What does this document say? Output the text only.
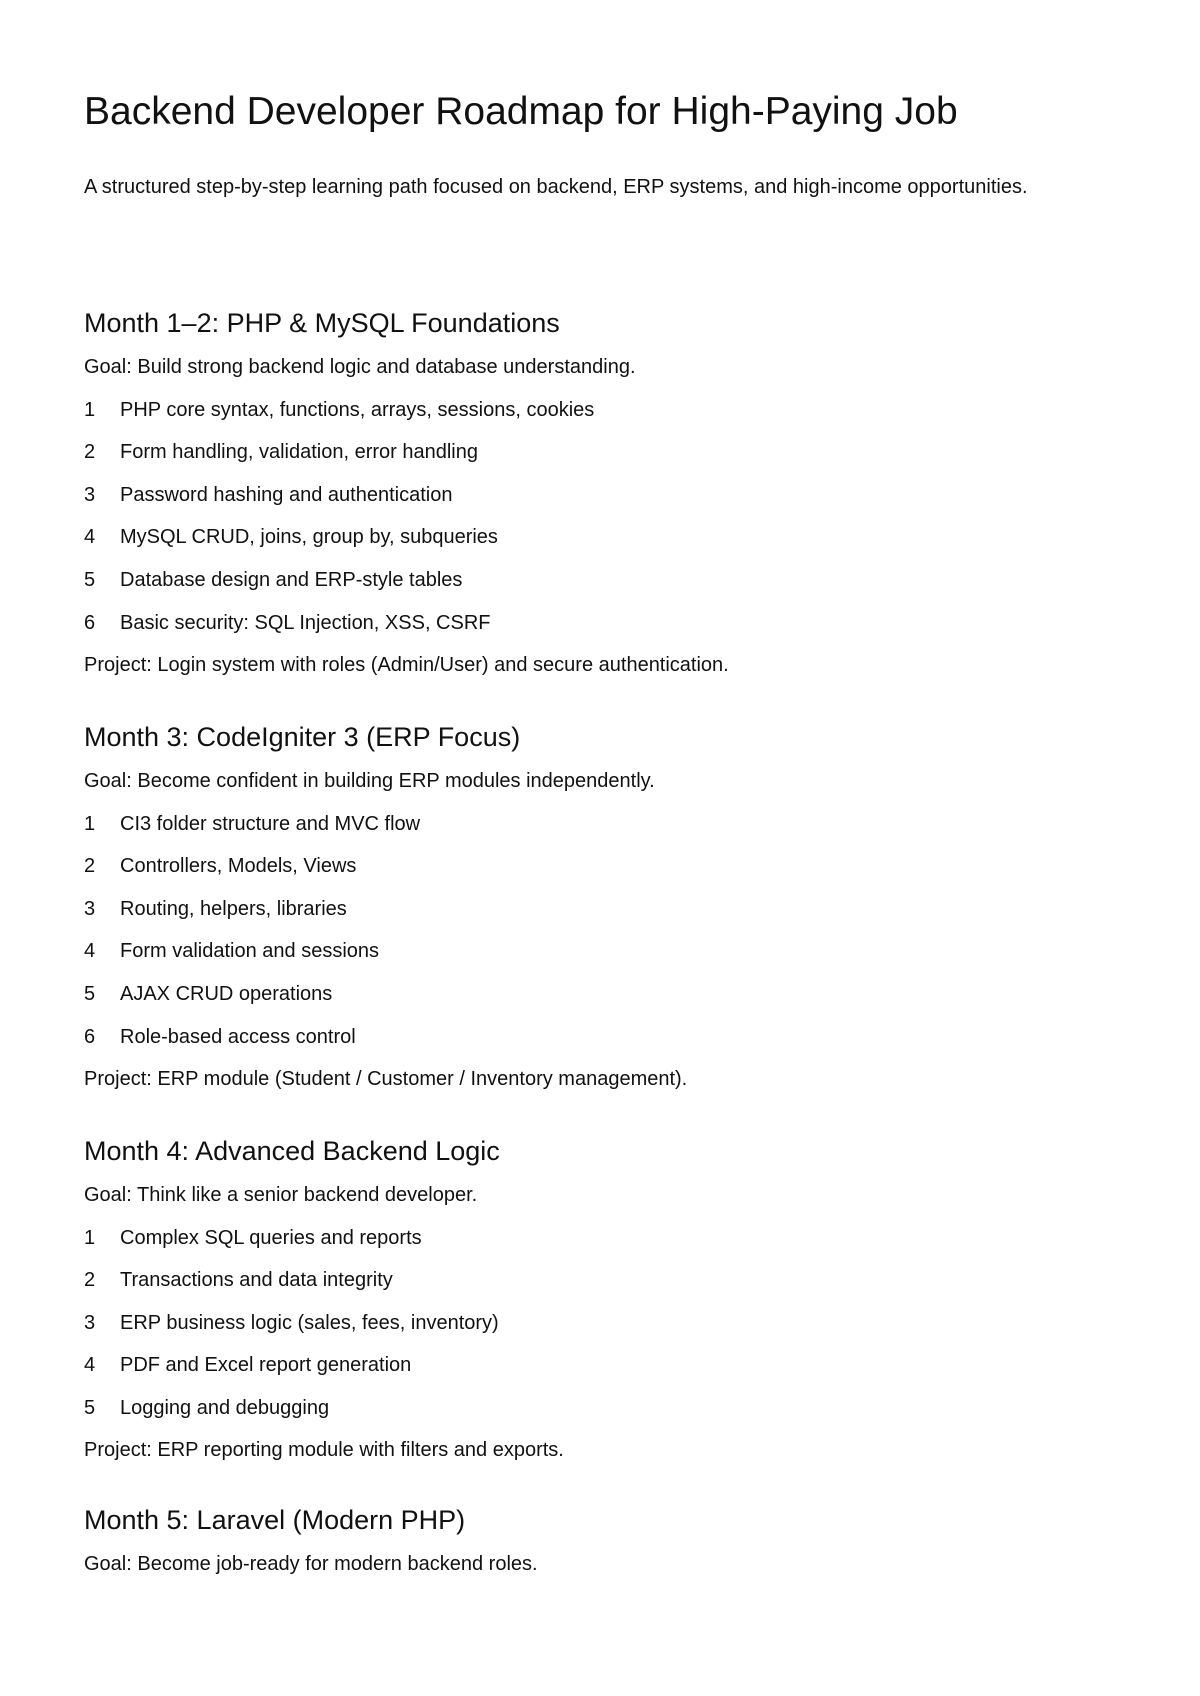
Backend Developer Roadmap for High-Paying Job

A structured step-by-step learning path focused on backend, ERP systems, and high-income opportunities.

Month 1–2: PHP & MySQL Foundations

Goal: Build strong backend logic and database understanding.

1	PHP core syntax, functions, arrays, sessions, cookies
2	Form handling, validation, error handling
3	Password hashing and authentication
4	MySQL CRUD, joins, group by, subqueries
5	Database design and ERP-style tables
6	Basic security: SQL Injection, XSS, CSRF

Project: Login system with roles (Admin/User) and secure authentication.

Month 3: CodeIgniter 3 (ERP Focus)

Goal: Become confident in building ERP modules independently.

1	CI3 folder structure and MVC flow
2	Controllers, Models, Views
3	Routing, helpers, libraries
4	Form validation and sessions
5	AJAX CRUD operations
6	Role-based access control

Project: ERP module (Student / Customer / Inventory management).

Month 4: Advanced Backend Logic

Goal: Think like a senior backend developer.

1	Complex SQL queries and reports
2	Transactions and data integrity
3	ERP business logic (sales, fees, inventory)
4	PDF and Excel report generation
5	Logging and debugging

Project: ERP reporting module with filters and exports.

Month 5: Laravel (Modern PHP)

Goal: Become job-ready for modern backend roles.
